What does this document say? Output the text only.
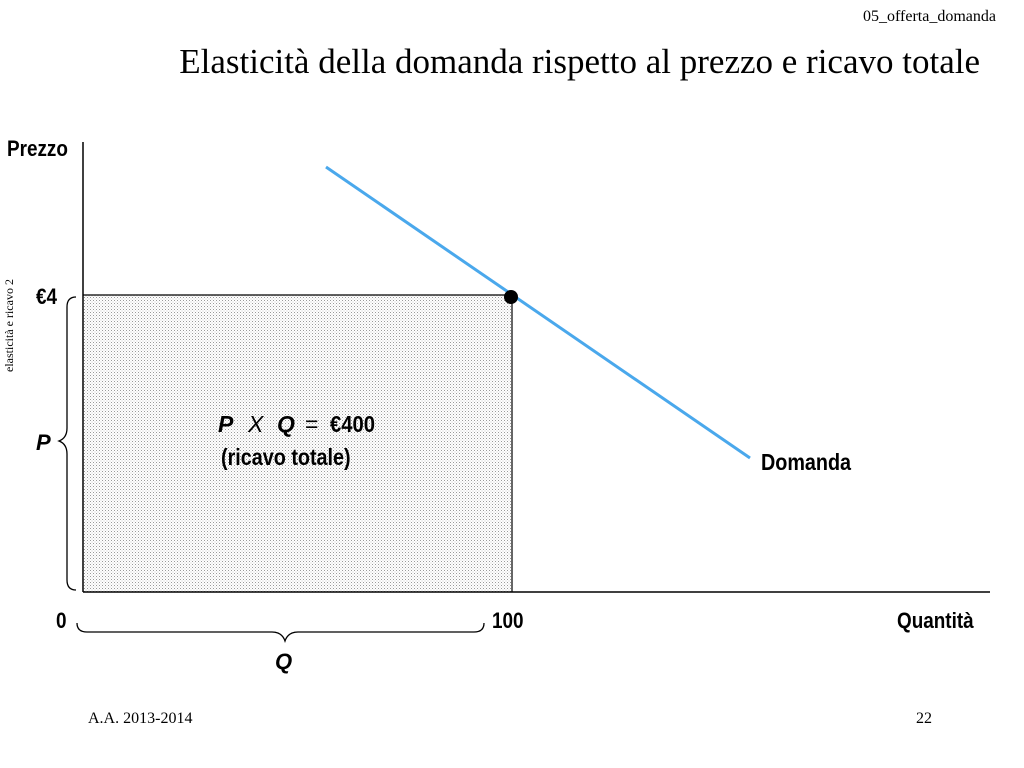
05_offerta_domanda
Elasticità della domanda rispetto al prezzo e ricavo totale
elasticità e ricavo 2
Prezzo
Quantità
0
€4
100
P
Q
P X Q = €400
(ricavo totale)	Domanda
A.A. 2013-2014	22
